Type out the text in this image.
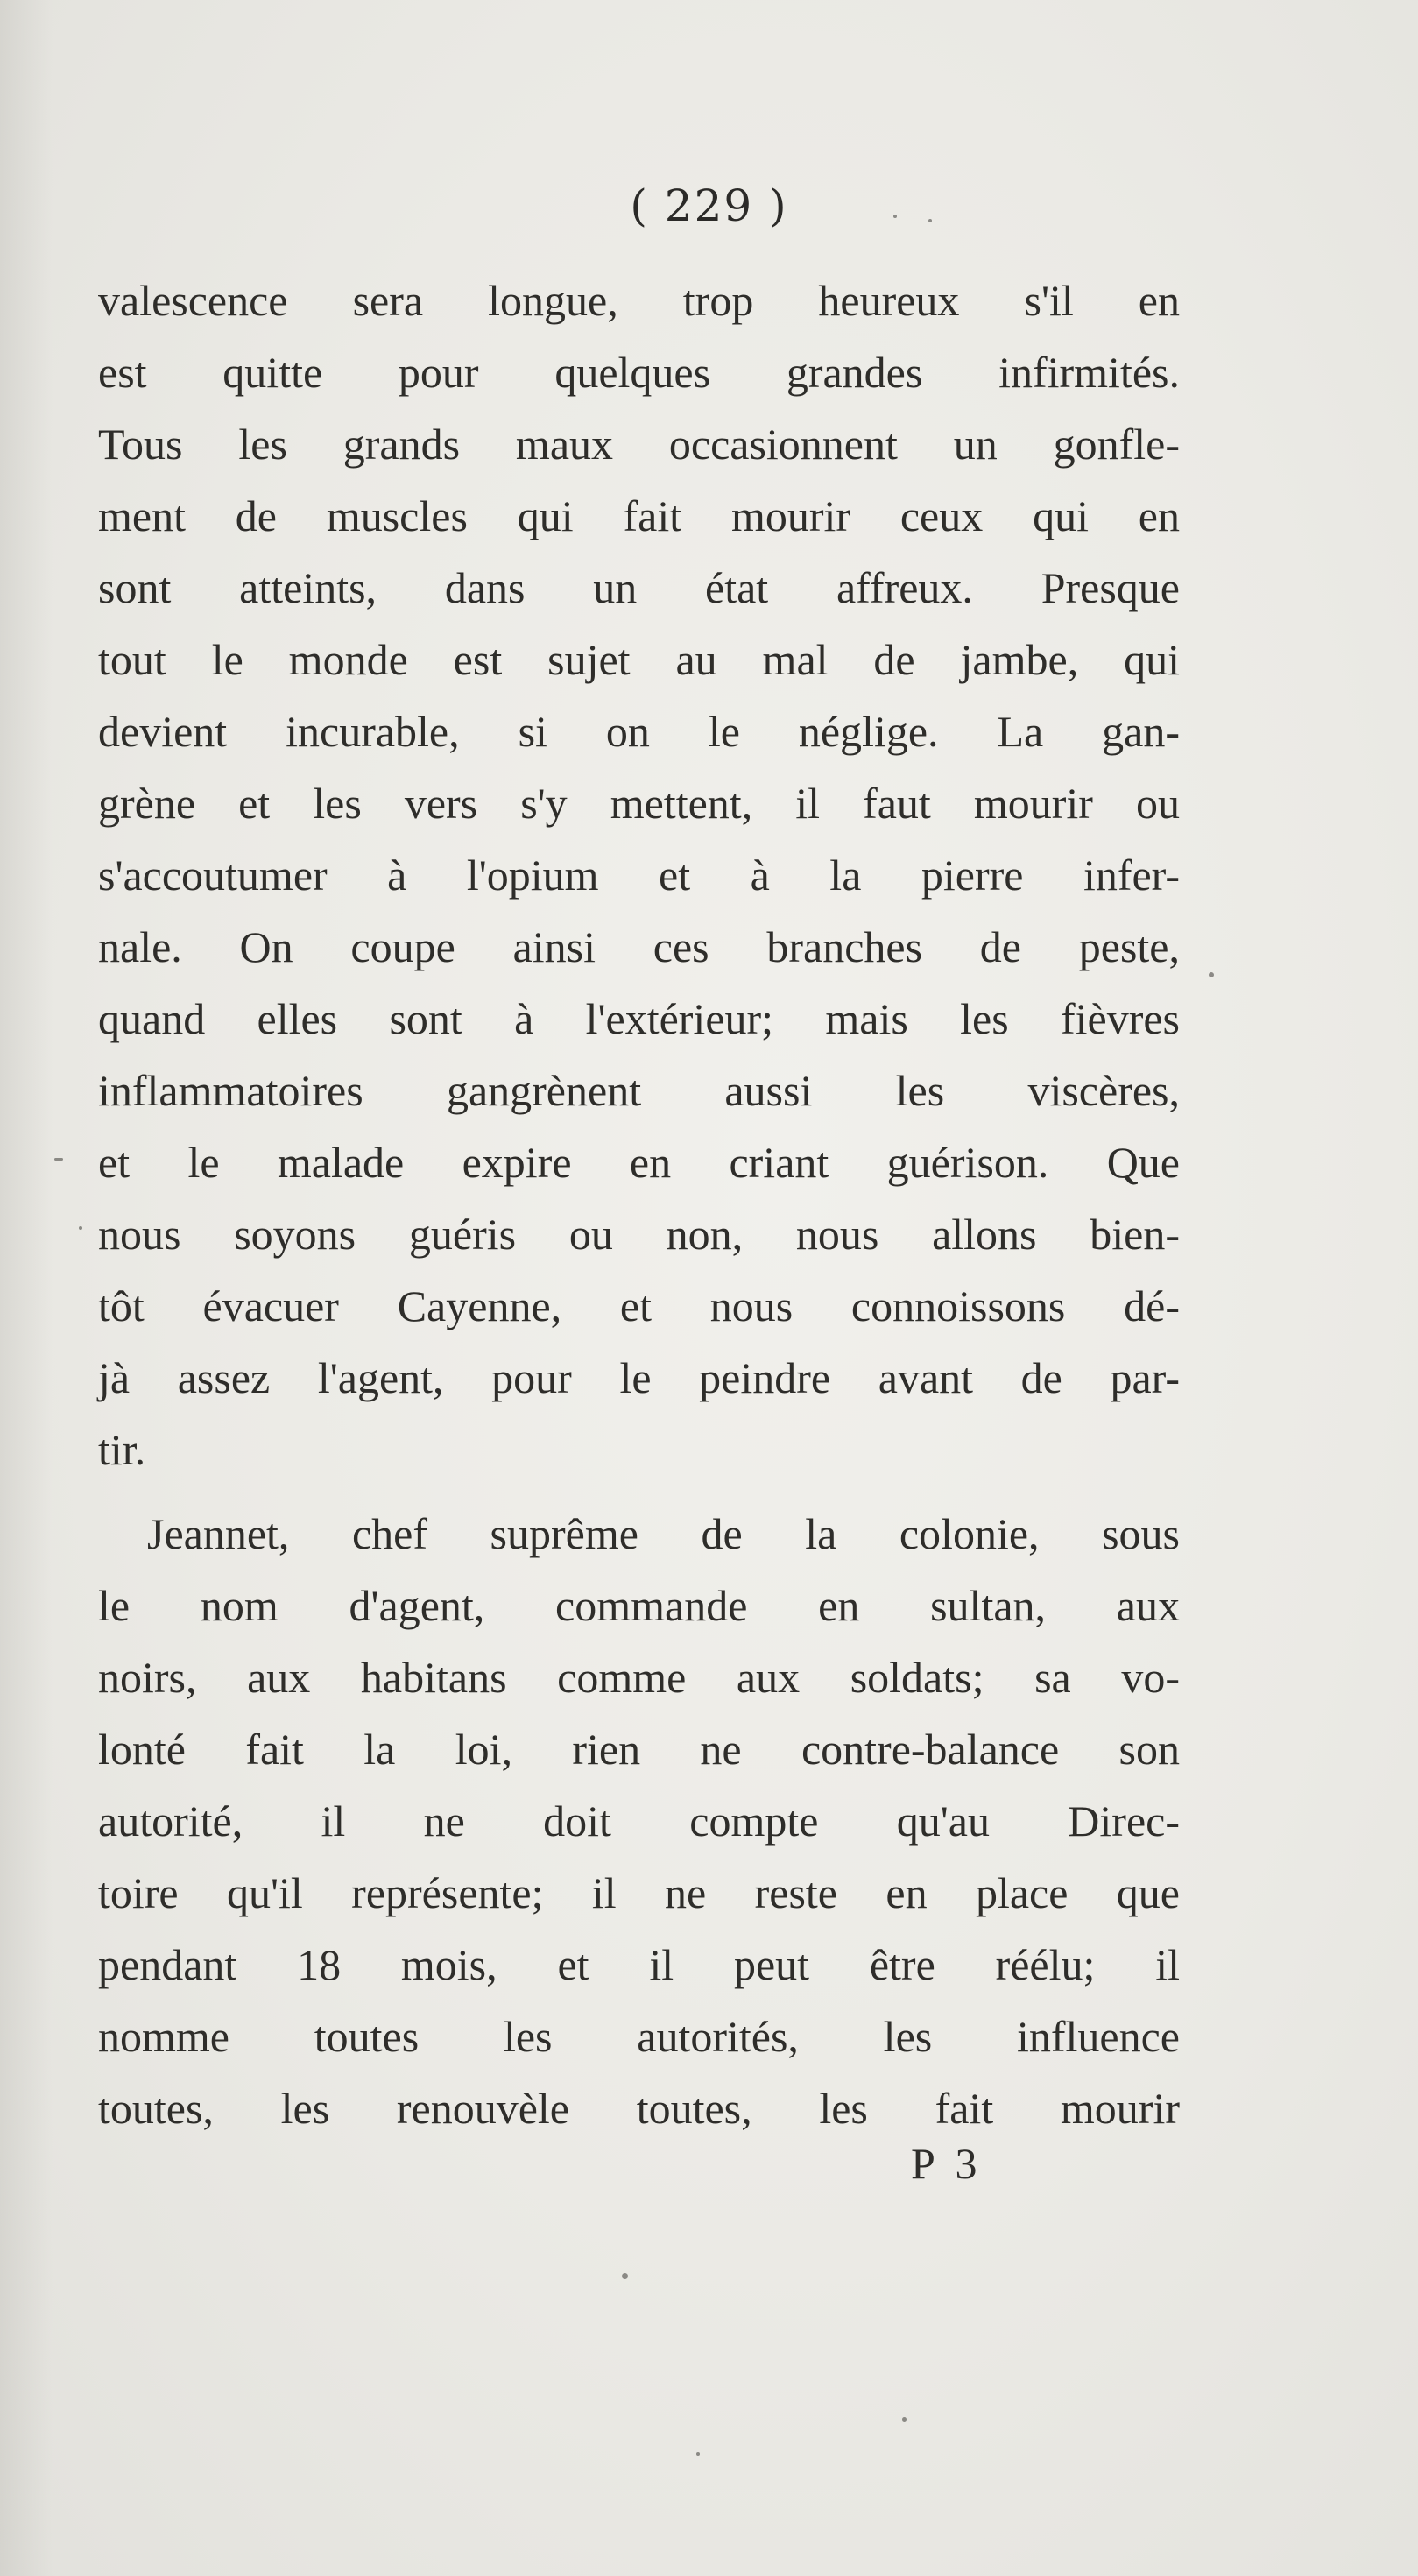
( 229 )
valescence sera longue, trop heureux s'il en
est quitte pour quelques grandes infirmités.
Tous les grands maux occasionnent un gonfle-
ment de muscles qui fait mourir ceux qui en
sont atteints, dans un état affreux. Presque
tout le monde est sujet au mal de jambe, qui
devient incurable, si on le néglige. La gan-
grène et les vers s'y mettent, il faut mourir ou
s'accoutumer à l'opium et à la pierre infer-
nale. On coupe ainsi ces branches de peste,
quand elles sont à l'extérieur; mais les fièvres
inflammatoires gangrènent aussi les viscères,
et le malade expire en criant guérison. Que
nous soyons guéris ou non, nous allons bien-
tôt évacuer Cayenne, et nous connoissons dé-
jà assez l'agent, pour le peindre avant de par-
tir.
Jeannet, chef suprême de la colonie, sous
le nom d'agent, commande en sultan, aux
noirs, aux habitans comme aux soldats; sa vo-
lonté fait la loi, rien ne contre-balance son
autorité, il ne doit compte qu'au Direc-
toire qu'il représente; il ne reste en place que
pendant 18 mois, et il peut être réélu; il
nomme toutes les autorités, les influence
toutes, les renouvèle toutes, les fait mourir
P 3
